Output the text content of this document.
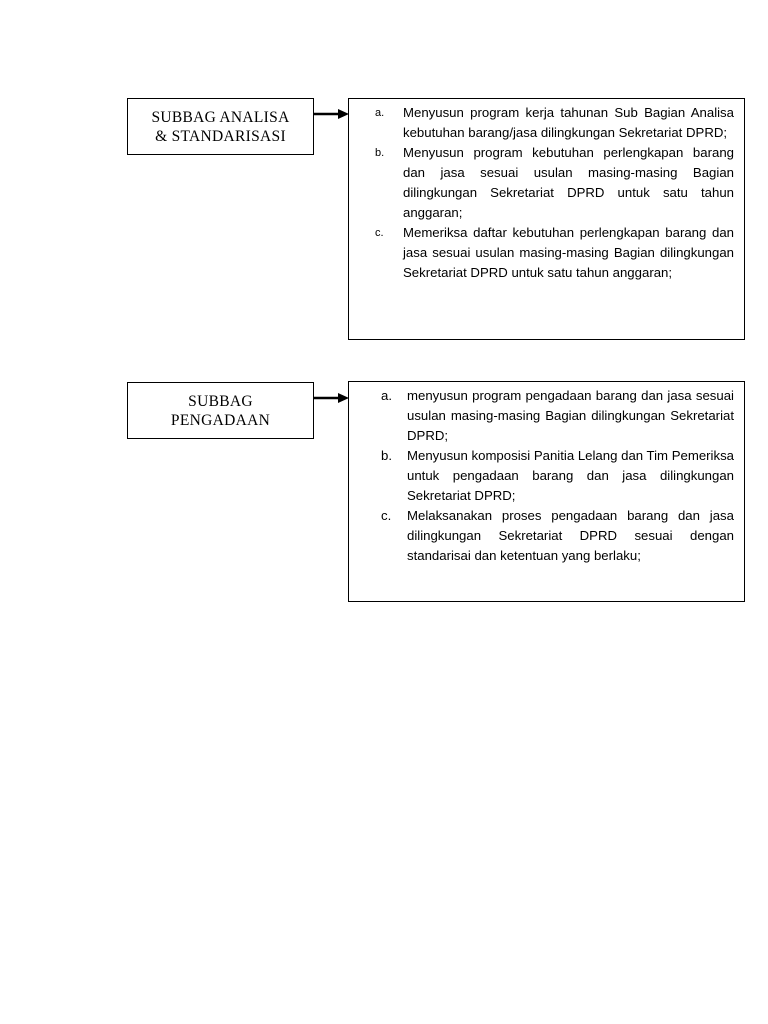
SUBBAG ANALISA
& STANDARISASI
a.	Menyusun program kerja tahunan Sub Bagian Analisa kebutuhan barang/jasa dilingkungan Sekretariat DPRD;
b.	Menyusun program kebutuhan perlengkapan barang dan jasa sesuai usulan masing-masing Bagian dilingkungan Sekretariat DPRD untuk satu tahun anggaran;
c.	Memeriksa daftar kebutuhan perlengkapan barang dan jasa sesuai usulan masing-masing Bagian dilingkungan Sekretariat DPRD untuk satu tahun anggaran;
SUBBAG
PENGADAAN
a.	menyusun program pengadaan barang dan jasa sesuai usulan masing-masing Bagian dilingkungan Sekretariat DPRD;
b.	Menyusun komposisi Panitia Lelang dan Tim Pemeriksa untuk pengadaan barang dan jasa dilingkungan Sekretariat DPRD;
c.	Melaksanakan proses pengadaan barang dan jasa dilingkungan Sekretariat DPRD sesuai dengan standarisai dan ketentuan yang berlaku;
